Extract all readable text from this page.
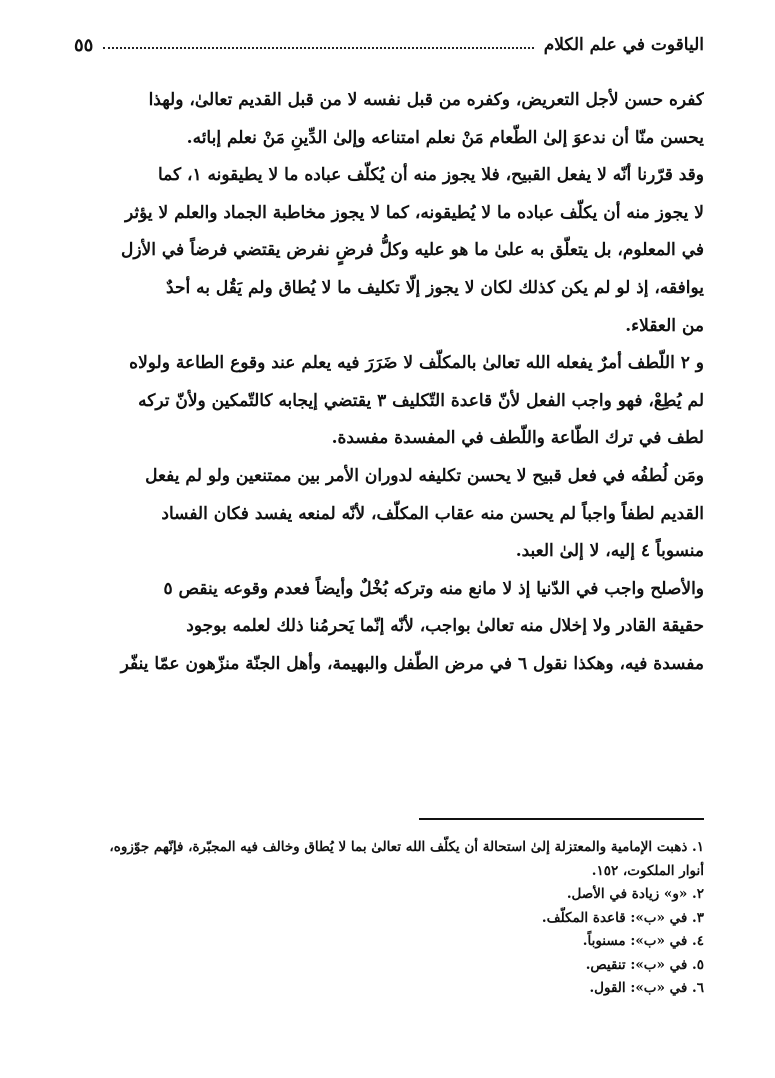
الياقوت في علم الكلام
٥٥

كفره حسن لأجل التعريض، وكفره من قبل نفسه لا من قبل القديم تعالىٰ، ولهذا
يحسن منّا أن ندعوَ إلىٰ الطّعام مَنْ نعلم امتناعه وإلىٰ الدِّينِ مَنْ نعلم إبائه.

وقد قرّرنا أنّه لا يفعل القبيح، فلا يجوز منه أن يُكلّف عباده ما لا يطيقونه ١، كما
لا يجوز منه أن يكلّف عباده ما لا يُطيقونه، كما لا يجوز مخاطبة الجماد والعلم لا يؤثر
في المعلوم، بل يتعلّق به علىٰ ما هو عليه وكلُّ فرضٍ نفرض يقتضي فرضاً في الأزل
يوافقه، إذ لو لم يكن كذلك لكان لا يجوز إلّا تكليف ما لا يُطاق ولم يَقُل به أحدٌ
من العقلاء.

و ٢ اللّطف أمرٌ يفعله الله تعالىٰ بالمكلّف لا ضَرَرَ فيه يعلم عند وقوع الطاعة ولولاه
لم يُطِعْ، فهو واجب الفعل لأنّ قاعدة التّكليف ٣ يقتضي إيجابه كالتّمكين ولأنّ تركه
لطف في ترك الطّاعة واللّطف في المفسدة مفسدة.

ومَن لُطفُه في فعل قبيح لا يحسن تكليفه لدوران الأمر بين ممتنعين ولو لم يفعل
القديم لطفاً واجباً لم يحسن منه عقاب المكلّف، لأنّه لمنعه يفسد فكان الفساد
منسوباً ٤ إليه، لا إلىٰ العبد.

والأصلح واجب في الدّنيا إذ لا مانع منه وتركه بُخْلٌ وأيضاً فعدم وقوعه ينقص ٥
حقيقة القادر ولا إخلال منه تعالىٰ بواجب، لأنّه إنّما يَحرمُنا ذلك لعلمه بوجود
مفسدة فيه، وهكذا نقول ٦ في مرض الطّفل والبهيمة، وأهل الجنّة منزّهون عمّا ينفّر

١. ذهبت الإمامية والمعتزلة إلىٰ استحالة أن يكلّف الله تعالىٰ بما لا يُطاق وخالف فيه المجبّرة، فإنّهم جوّزوه،
أنوار الملكوت، ١٥٢.
٢. «و» زيادة في الأصل.
٣. في «ب»: قاعدة المكلّف.
٤. في «ب»: مسنوباً.
٥. في «ب»: تنقيص.
٦. في «ب»: القول.
